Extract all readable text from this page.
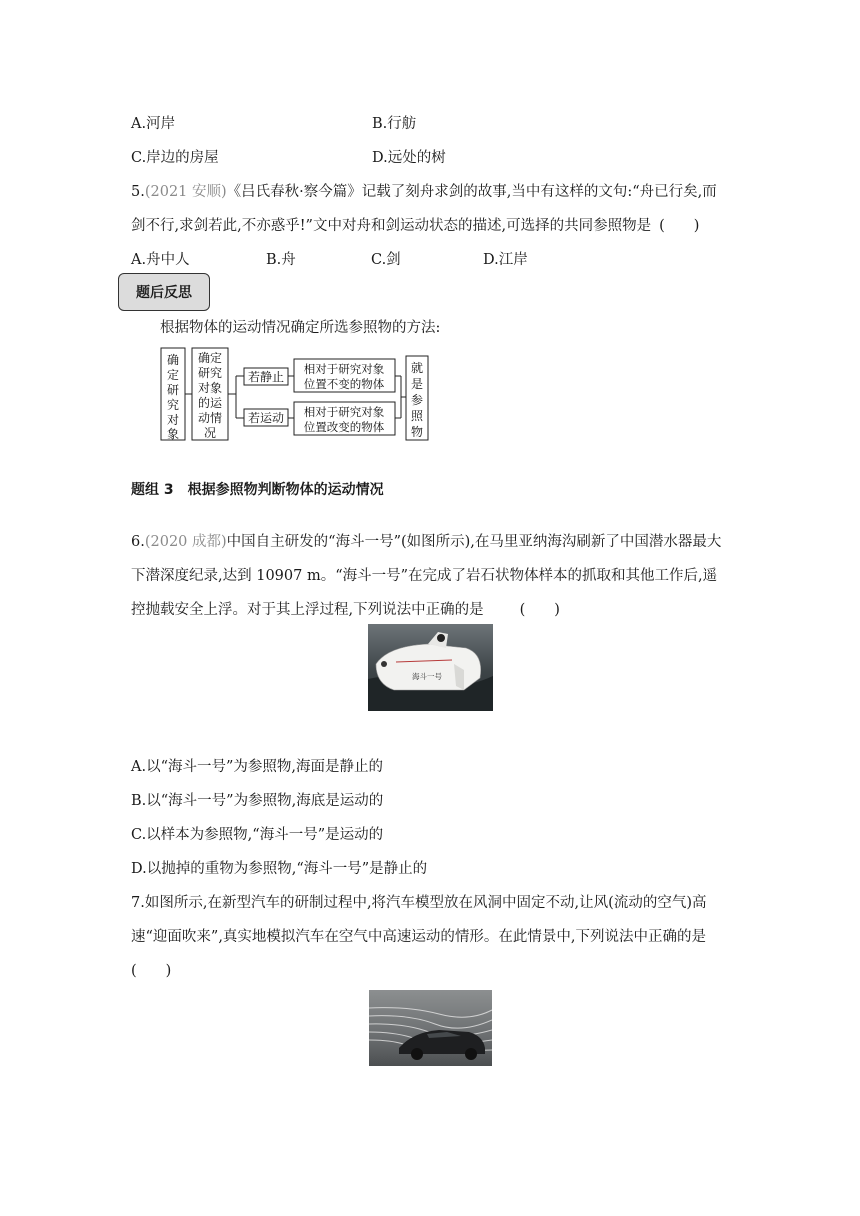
A.河岸	B.行舫
C.岸边的房屋	D.远处的树
5.(2021 安顺)《吕氏春秋·察今篇》记载了刻舟求剑的故事,当中有这样的文句:“舟已行矣,而
剑不行,求剑若此,不亦惑乎!”文中对舟和剑运动状态的描述,可选择的共同参照物是 (　　)
A.舟中人	B.舟	C.剑	D.江岸
题后反思
根据物体的运动情况确定所选参照物的方法:
确
定
研
究
对
象
确定
研究
对象
的运
动情
况
若静止
若运动
相对于研究对象
位置不变的物体
相对于研究对象
位置改变的物体
就
是
参
照
物
题组 3　根据参照物判断物体的运动情况
6.(2020 成都)中国自主研发的“海斗一号”(如图所示),在马里亚纳海沟刷新了中国潜水器最大
下潜深度纪录,达到 10907 m。“海斗一号”在完成了岩石状物体样本的抓取和其他工作后,遥
控抛载安全上浮。对于其上浮过程,下列说法中正确的是 (　　)
海斗一号
A.以“海斗一号”为参照物,海面是静止的
B.以“海斗一号”为参照物,海底是运动的
C.以样本为参照物,“海斗一号”是运动的
D.以抛掉的重物为参照物,“海斗一号”是静止的
7.如图所示,在新型汽车的研制过程中,将汽车模型放在风洞中固定不动,让风(流动的空气)高
速“迎面吹来”,真实地模拟汽车在空气中高速运动的情形。在此情景中,下列说法中正确的是
(　　)
